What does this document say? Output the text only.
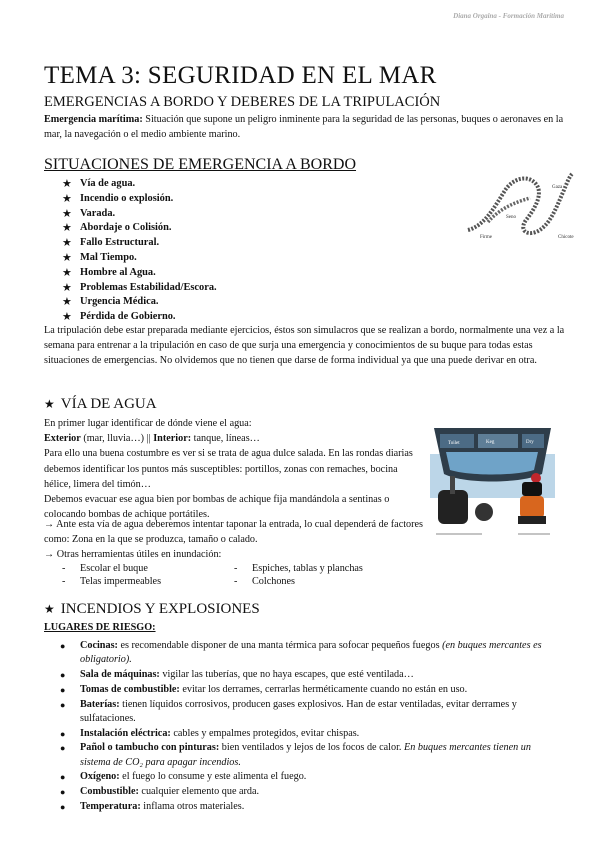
Diana Orgaina - Formación Marítima
TEMA 3: SEGURIDAD EN EL MAR
EMERGENCIAS A BORDO Y DEBERES DE LA TRIPULACIÓN
Emergencia marítima: Situación que supone un peligro inminente para la seguridad de las personas, buques o aeronaves en la mar, la navegación o el medio ambiente marino.
SITUACIONES DE EMERGENCIA A BORDO
★ Vía de agua.
★ Incendio o explosión.
★ Varada.
★ Abordaje o Colisión.
★ Fallo Estructural.
★ Mal Tiempo.
★ Hombre al Agua.
★ Problemas Estabilidad/Escora.
★ Urgencia Médica.
★ Pérdida de Gobierno.
Gaza
Seno
Firme	Chicote
La tripulación debe estar preparada mediante ejercicios, éstos son simulacros que se realizan a bordo, normalmente una vez a la semana para entrenar a la tripulación en caso de que surja una emergencia y conocimientos de su buque para todas estas situaciones de emergencias. No olvidemos que no tienen que darse de forma individual ya que una puede derivar en otra.
★ VÍA DE AGUA
En primer lugar identificar de dónde viene el agua:
Exterior (mar, lluvia…) || Interior: tanque, líneas…
Para ello una buena costumbre es ver si se trata de agua dulce salada. En las rondas diarias debemos identificar los puntos más susceptibles: portillos, zonas con remaches, bocina hélice, limera del timón…
Debemos evacuar ese agua bien por bombas de achique fija mandándola a sentinas o colocando bombas de achique portátiles.
→ Ante esta vía de agua deberemos intentar taponar la entrada, lo cual dependerá de factores como: Zona en la que se produzca, tamaño o calado.
→ Otras herramientas útiles en inundación:
-	Escolar el buque	-	Espiches, tablas y planchas
-	Telas impermeables	-	Colchones
Toilet	Keg	Dry
★ INCENDIOS Y EXPLOSIONES
LUGARES DE RIESGO:
●	Cocinas: es recomendable disponer de una manta térmica para sofocar pequeños fuegos (en buques mercantes es obligatorio).
●	Sala de máquinas: vigilar las tuberías, que no haya escapes, que esté ventilada…
●	Tomas de combustible: evitar los derrames, cerrarlas herméticamente cuando no están en uso.
●	Baterías: tienen líquidos corrosivos, producen gases explosivos. Han de estar ventiladas, evitar derrames y sulfataciones.
●	Instalación eléctrica: cables y empalmes protegidos, evitar chispas.
●	Pañol o tambucho con pinturas: bien ventilados y lejos de los focos de calor. En buques mercantes tienen un sistema de CO₂ para apagar incendios.
●	Oxígeno: el fuego lo consume y este alimenta el fuego.
●	Combustible: cualquier elemento que arda.
●	Temperatura: inflama otros materiales.
